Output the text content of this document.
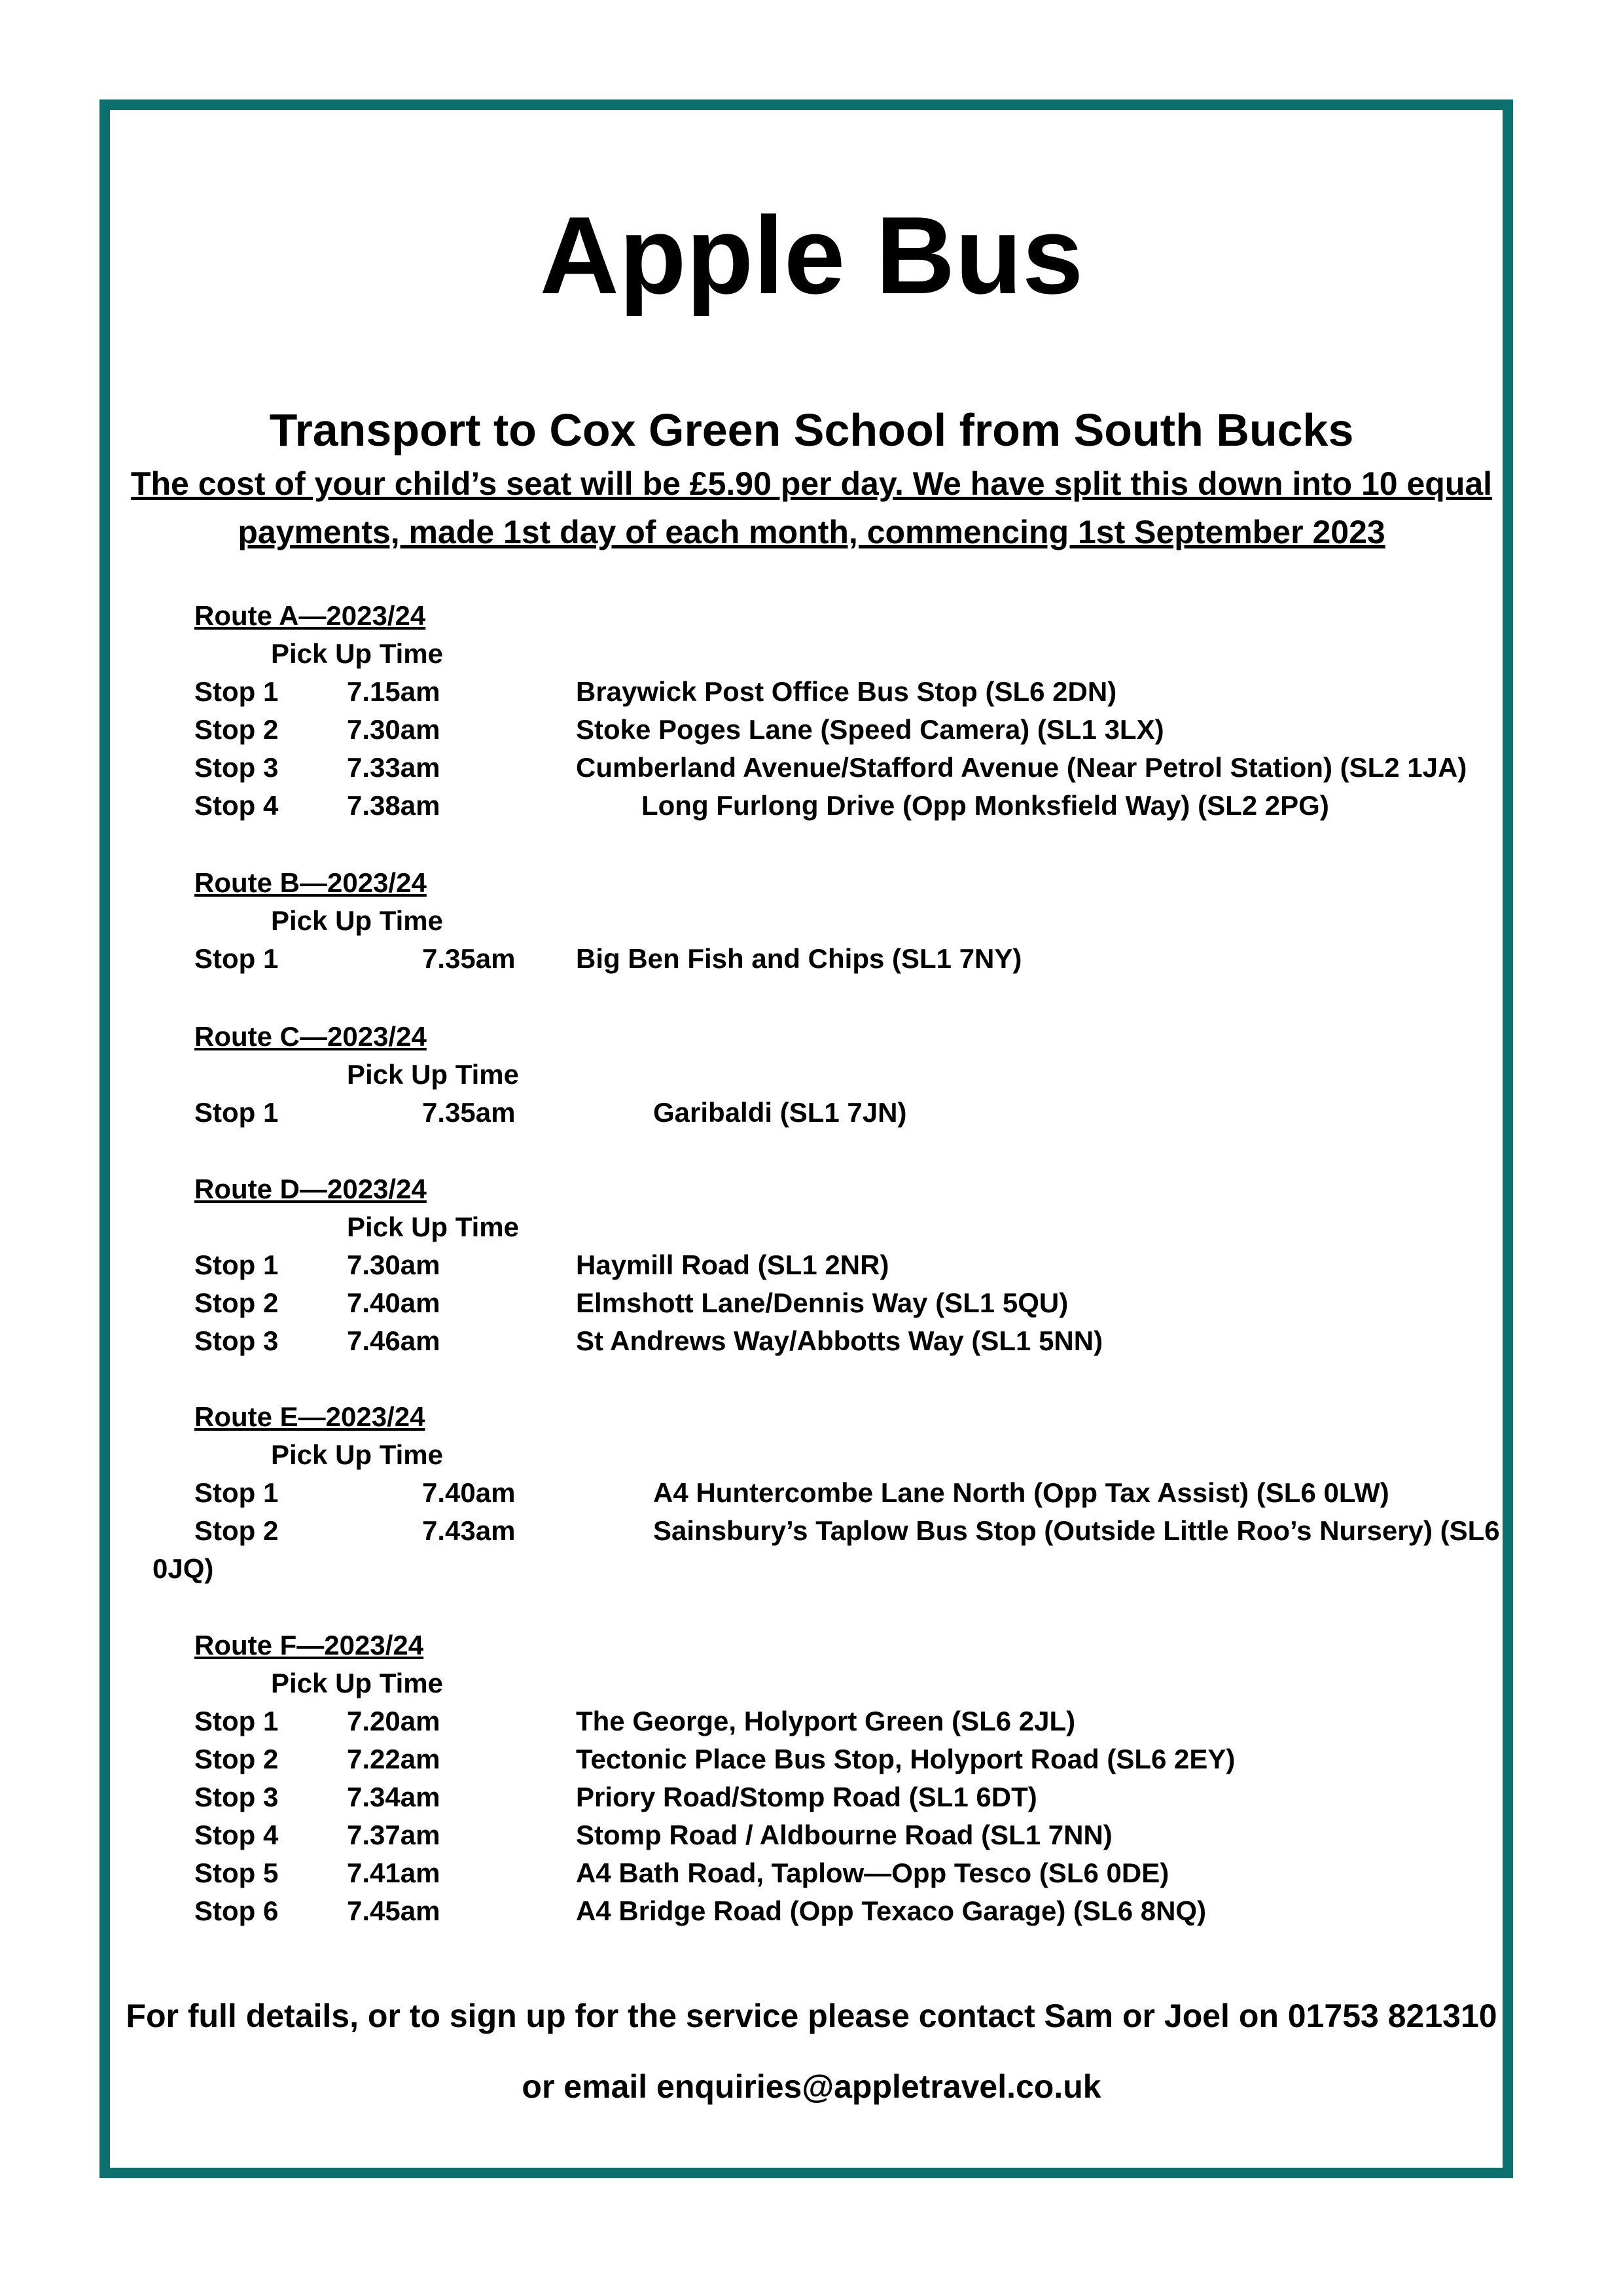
Apple Bus
Transport to Cox Green School from South Bucks
The cost of your child’s seat will be £5.90 per day. We have split this down into 10 equal payments, made 1st day of each month, commencing 1st September 2023
Route A—2023/24
Pick Up Time
Stop 1 7.15am	Braywick Post Office Bus Stop (SL6 2DN)
Stop 2 7.30am	Stoke Poges Lane (Speed Camera) (SL1 3LX)
Stop 3 7.33am	Cumberland Avenue/Stafford Avenue (Near Petrol Station) (SL2 1JA)
Stop 4 7.38am	Long Furlong Drive (Opp Monksfield Way) (SL2 2PG)
Route B—2023/24
Pick Up Time
Stop 1	7.35am Big Ben Fish and Chips (SL1 7NY)
Route C—2023/24
Pick Up Time
Stop 1	7.35am	Garibaldi (SL1 7JN)
Route D—2023/24
Pick Up Time
Stop 1 7.30am	Haymill Road (SL1 2NR)
Stop 2 7.40am	Elmshott Lane/Dennis Way (SL1 5QU)
Stop 3 7.46am	St Andrews Way/Abbotts Way (SL1 5NN)
Route E—2023/24
Pick Up Time
Stop 1	7.40am	A4 Huntercombe Lane North (Opp Tax Assist) (SL6 0LW)
Stop 2	7.43am	Sainsbury’s Taplow Bus Stop (Outside Little Roo’s Nursery) (SL6
0JQ)
Route F—2023/24
Pick Up Time
Stop 1 7.20am	The George, Holyport Green (SL6 2JL)
Stop 2 7.22am	Tectonic Place Bus Stop, Holyport Road (SL6 2EY)
Stop 3 7.34am	Priory Road/Stomp Road (SL1 6DT)
Stop 4 7.37am	Stomp Road / Aldbourne Road (SL1 7NN)
Stop 5 7.41am	A4 Bath Road, Taplow—Opp Tesco (SL6 0DE)
Stop 6 7.45am	A4 Bridge Road (Opp Texaco Garage) (SL6 8NQ)
For full details, or to sign up for the service please contact Sam or Joel on 01753 821310
or email enquiries@appletravel.co.uk
